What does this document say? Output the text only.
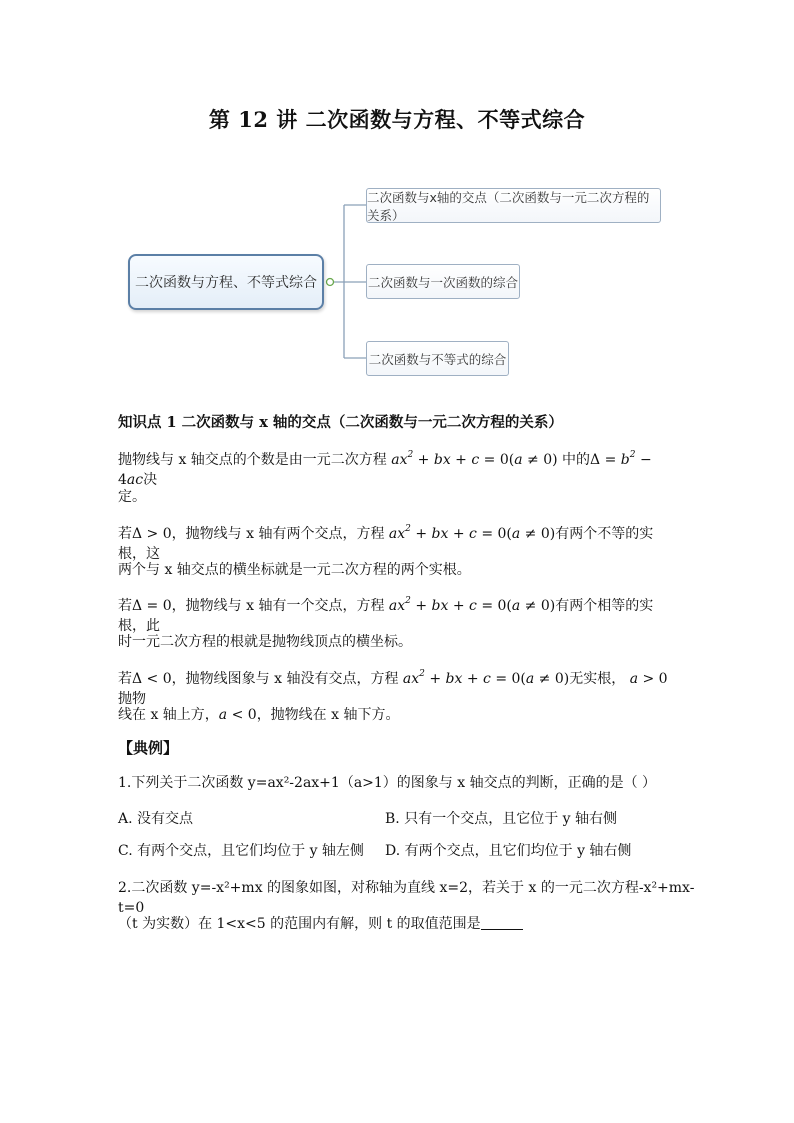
第 12 讲 二次函数与方程、不等式综合
二次函数与方程、不等式综合
二次函数与x轴的交点（二次函数与一元二次方程的关系）
二次函数与一次函数的综合
二次函数与不等式的综合
知识点 1 二次函数与 x 轴的交点（二次函数与一元二次方程的关系）
抛物线与 x 轴交点的个数是由一元二次方程 $ax^2$ + bx + c = 0(a ≠ 0) 中的$\Delta = b^2 - 4ac$决
定。
若Δ > 0，抛物线与 x 轴有两个交点，方程 $ax^2$ + bx + c = 0(a ≠ 0)有两个不等的实根，这
两个与 x 轴交点的横坐标就是一元二次方程的两个实根。
若Δ = 0，抛物线与 x 轴有一个交点，方程 $ax^2$ + bx + c = 0(a ≠ 0)有两个相等的实根，此
时一元二次方程的根就是抛物线顶点的横坐标。
若Δ < 0，抛物线图象与 x 轴没有交点，方程 $ax^2$ + bx + c = 0(a ≠ 0)无实根， a > 0 抛物
线在 x 轴上方，a < 0，抛物线在 x 轴下方。
【典例】
1.下列关于二次函数 y=ax²-2ax+1（a>1）的图象与 x 轴交点的判断，正确的是（ ）
A. 没有交点	B. 只有一个交点，且它位于 y 轴右侧
C. 有两个交点，且它们均位于 y 轴左侧	D. 有两个交点，且它们均位于 y 轴右侧
2.二次函数 y=-x²+mx 的图象如图，对称轴为直线 x=2，若关于 x 的一元二次方程-x²+mx-t=0
（t 为实数）在 1<x<5 的范围内有解，则 t 的取值范围是
